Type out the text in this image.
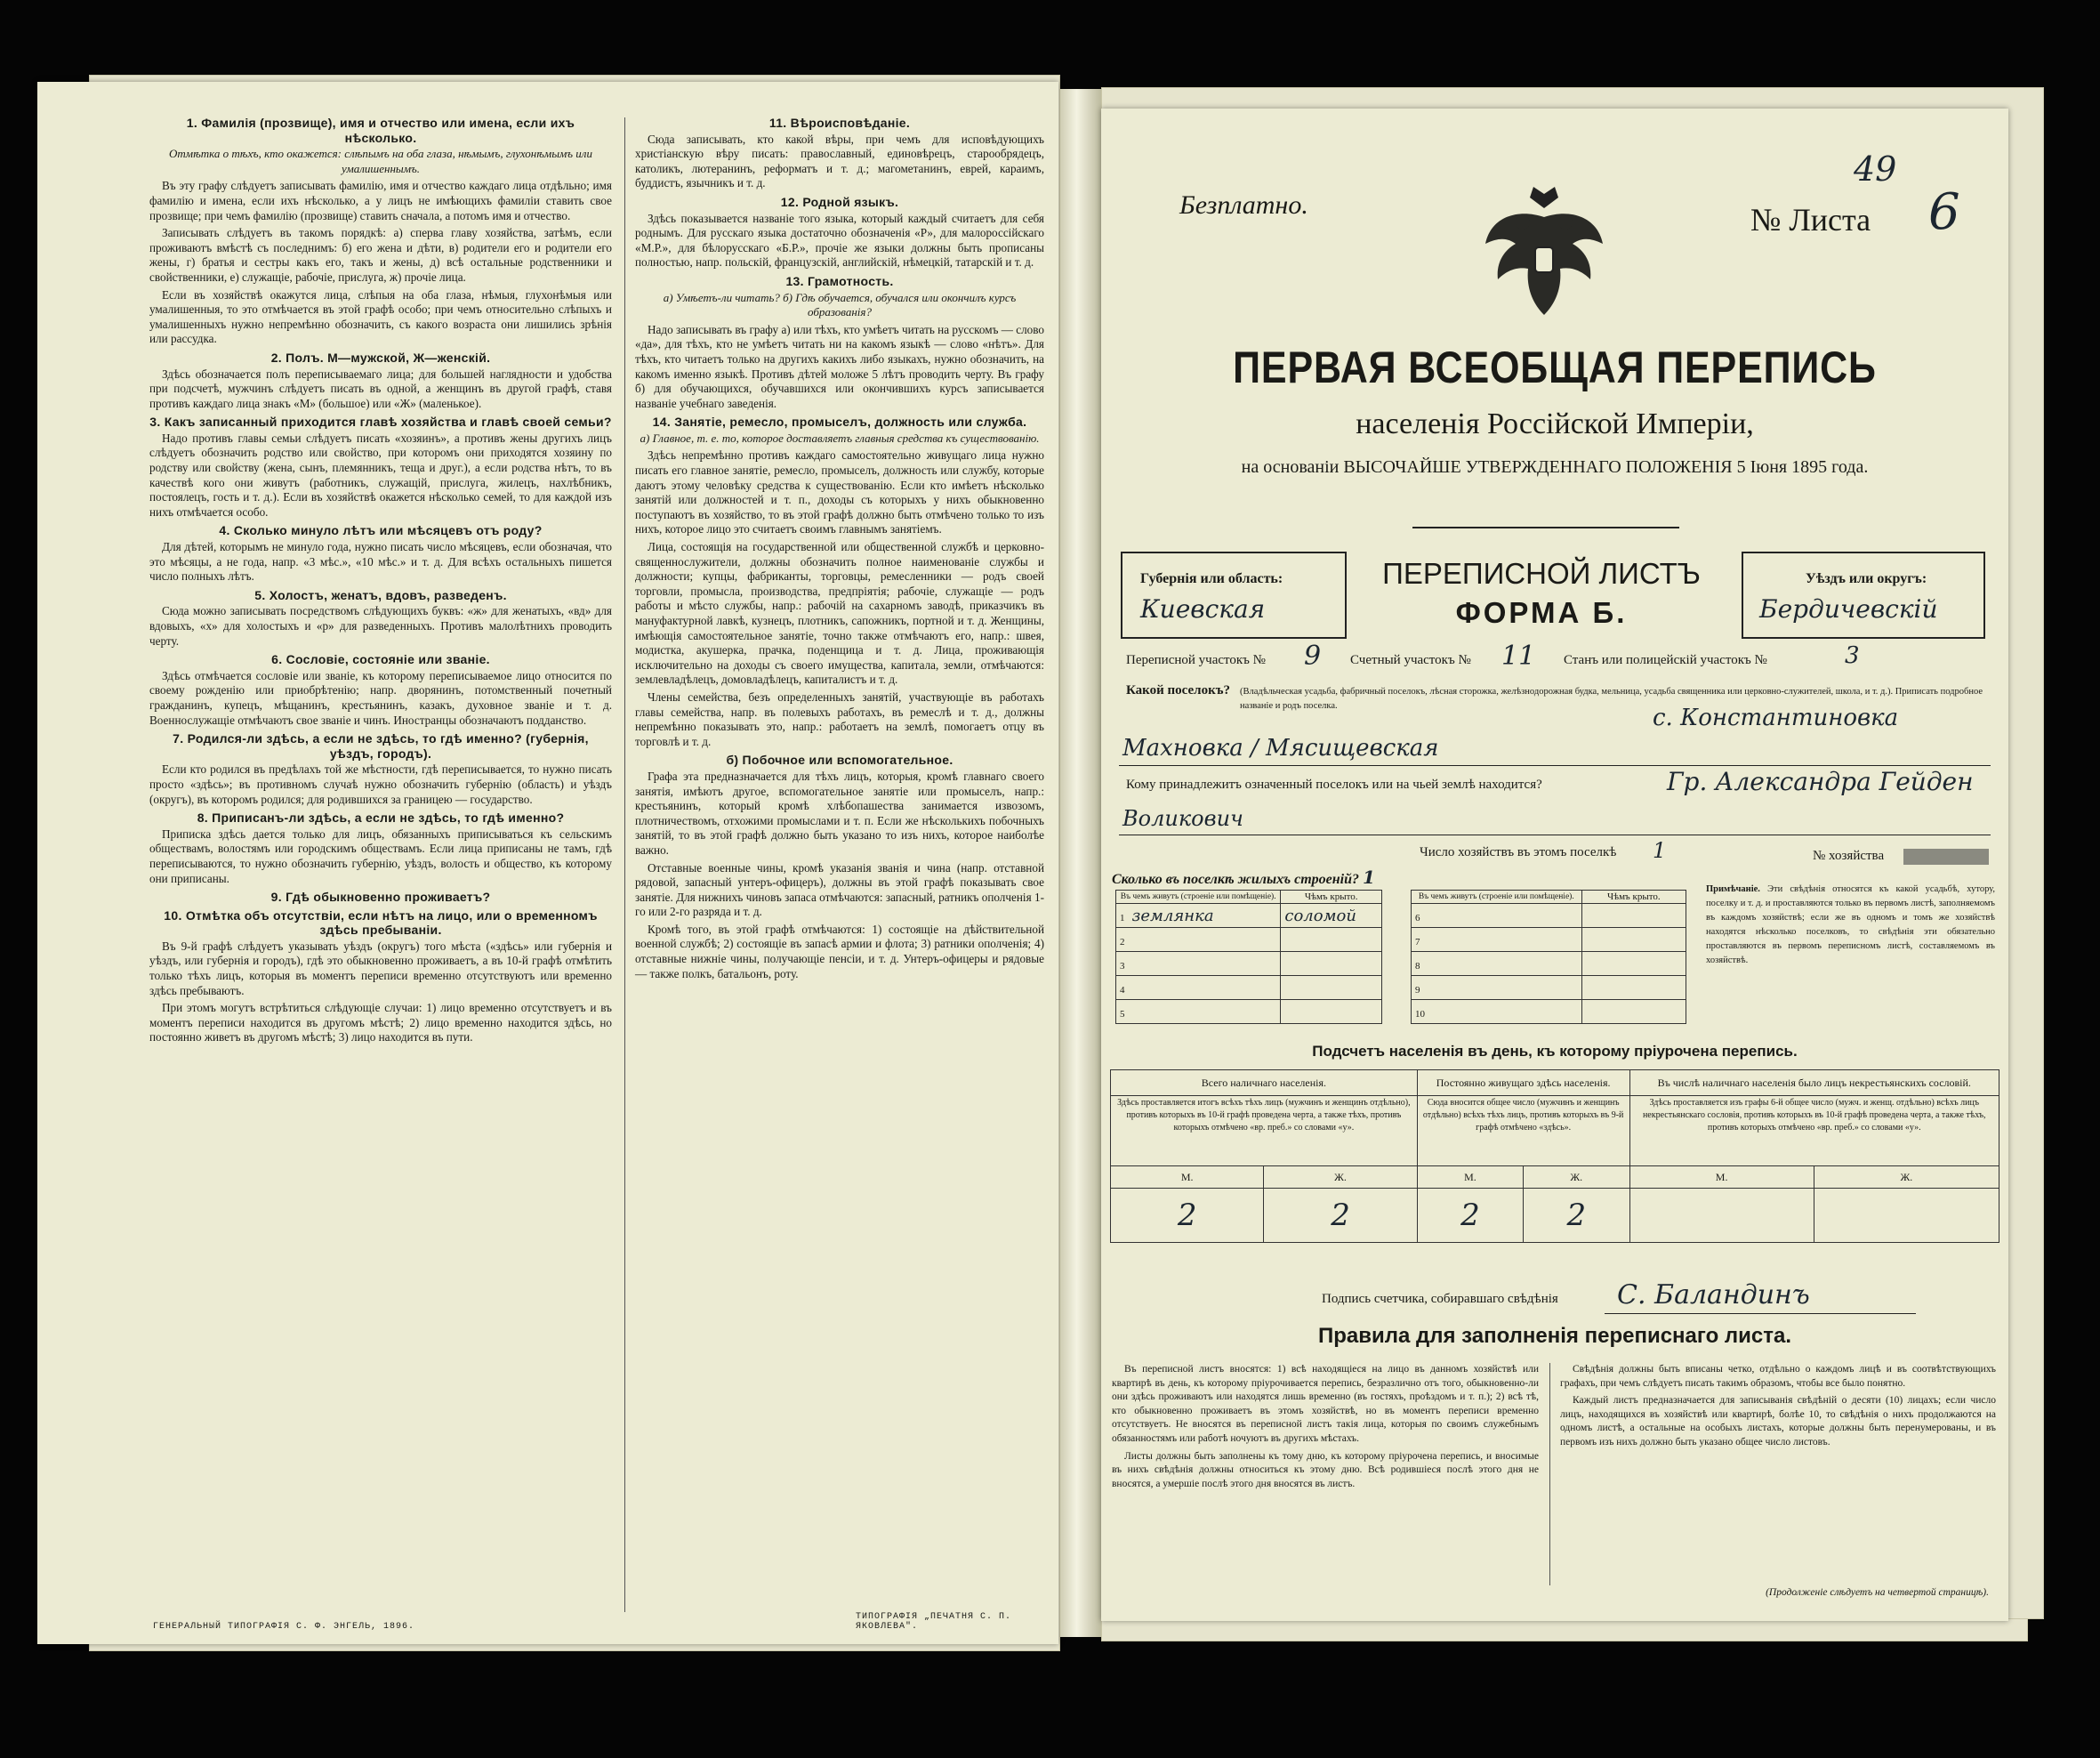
1. Фамилія (прозвище), имя и отчество или имена, если ихъ нѣсколько.
Отмѣтка о тѣхъ, кто окажется: слѣпымъ на оба глаза, нѣмымъ, глухонѣмымъ или умалишеннымъ.

Въ эту графу слѣдуетъ записывать фамилію, имя и отчество каждаго лица отдѣльно; имя фамилію и имена, если ихъ нѣсколько, а у лицъ не имѣющихъ фамиліи ставить свое прозвище; при чемъ фамилію (прозвище) ставить сначала, а потомъ имя и отчество.

Записывать слѣдуетъ въ такомъ порядкѣ: а) сперва главу хозяйства, затѣмъ, если проживаютъ вмѣстѣ съ последнимъ: б) его жена и дѣти, в) родители его и родители его жены, г) братья и сестры какъ его, такъ и жены, д) всѣ остальные родственники и свойственники, е) служащіе, рабочіе, прислуга, ж) прочіе лица.

Если въ хозяйствѣ окажутся лица, слѣпыя на оба глаза, нѣмыя, глухонѣмыя или умалишенныя, то это отмѣчается въ этой графѣ особо; при чемъ относительно слѣпыхъ и умалишенныхъ нужно непремѣнно обозначить, съ какого возраста они лишились зрѣнія или рассудка.

2. Полъ. М—мужской, Ж—женскій.

Здѣсь обозначается полъ переписываемаго лица; для большей наглядности и удобства при подсчетѣ, мужчинъ слѣдуетъ писать въ одной, а женщинъ въ другой графѣ, ставя противъ каждаго лица знакъ «М» (большое) или «Ж» (маленькое).

3. Какъ записанный приходится главѣ хозяйства и главѣ своей семьи?

Надо противъ главы семьи слѣдуетъ писать «хозяинъ», а противъ жены другихъ лицъ слѣдуетъ обозначить родство или свойство, при которомъ они приходятся хозяину по родству или свойству (жена, сынъ, племянникъ, теща и друг.), а если родства нѣтъ, то въ качествѣ кого они живутъ (работникъ, служащій, прислуга, жилецъ, нахлѣбникъ, постоялецъ, гость и т. д.). Если въ хозяйствѣ окажется нѣсколько семей, то для каждой изъ нихъ отмѣчается особо.

4. Сколько минуло лѣтъ или мѣсяцевъ отъ роду?

Для дѣтей, которымъ не минуло года, нужно писать число мѣсяцевъ, если обозначая, что это мѣсяцы, а не года, напр. «3 мѣс.», «10 мѣс.» и т. д. Для всѣхъ остальныхъ пишется число полныхъ лѣтъ.

5. Холостъ, женатъ, вдовъ, разведенъ.

Сюда можно записывать посредствомъ слѣдующихъ буквъ: «ж» для женатыхъ, «вд» для вдовыхъ, «х» для холостыхъ и «р» для разведенныхъ. Противъ малолѣтнихъ проводить черту.

6. Сословіе, состояніе или званіе.

Здѣсь отмѣчается сословіе или званіе, къ которому переписываемое лицо относится по своему рожденію или приобрѣтенію; напр. дворянинъ, потомственный почетный гражданинъ, купецъ, мѣщанинъ, крестьянинъ, казакъ, духовное званіе и т. д. Военнослужащіе отмѣчаютъ свое званіе и чинъ. Иностранцы обозначаютъ подданство.

7. Родился-ли здѣсь, а если не здѣсь, то гдѣ именно? (губернія, уѣздъ, городъ).

Если кто родился въ предѣлахъ той же мѣстности, гдѣ переписывается, то нужно писать просто «здѣсь»; въ противномъ случаѣ нужно обозначить губернію (область) и уѣздъ (округъ), въ которомъ родился; для родившихся за границею — государство.

8. Приписанъ-ли здѣсь, а если не здѣсь, то гдѣ именно?

Приписка здѣсь дается только для лицъ, обязанныхъ приписываться къ сельскимъ обществамъ, волостямъ или городскимъ обществамъ. Если лица приписаны не тамъ, гдѣ переписываются, то нужно обозначить губернію, уѣздъ, волость и общество, къ которому они приписаны.

9. Гдѣ обыкновенно проживаетъ?
10. Отмѣтка объ отсутствіи, если нѣтъ на лицо, или о временномъ здѣсь пребываніи.

Въ 9-й графѣ слѣдуетъ указывать уѣздъ (округъ) того мѣста («здѣсь» или губернія и уѣздъ, или губернія и городъ), гдѣ это обыкновенно проживаетъ, а въ 10-й графѣ отмѣтить только тѣхъ лицъ, которыя въ моментъ переписи временно отсутствуютъ или временно здѣсь пребываютъ.

При этомъ могутъ встрѣтиться слѣдующіе случаи: 1) лицо временно отсутствуетъ и въ моментъ переписи находится въ другомъ мѣстѣ; 2) лицо временно находится здѣсь, но постоянно живетъ въ другомъ мѣстѣ; 3) лицо находится въ пути.

11. Вѣроисповѣданіе.

Сюда записывать, кто какой вѣры, при чемъ для исповѣдующихъ христіанскую вѣру писать: православный, единовѣрецъ, старообрядецъ, католикъ, лютеранинъ, реформатъ и т. д.; магометанинъ, еврей, караимъ, буддистъ, язычникъ и т. д.

12. Родной языкъ.

Здѣсь показывается названіе того языка, который каждый считаетъ для себя роднымъ. Для русскаго языка достаточно обозначенія «Р», для малороссійскаго «М.Р.», для бѣлорусскаго «Б.Р.», прочіе же языки должны быть прописаны полностью, напр. польскій, французскій, английскій, нѣмецкій, татарскій и т. д.

13. Грамотность.
а) Умѣетъ-ли читать? б) Гдѣ обучается, обучался или окончилъ курсъ образованія?

Надо записывать въ графу а) или тѣхъ, кто умѣетъ читать на русскомъ — слово «да», для тѣхъ, кто не умѣетъ читать ни на какомъ языкѣ — слово «нѣтъ». Для тѣхъ, кто читаетъ только на другихъ какихъ либо языкахъ, нужно обозначить, на какомъ именно языкѣ. Противъ дѣтей моложе 5 лѣтъ проводить черту. Въ графу б) для обучающихся, обучавшихся или окончившихъ курсъ записывается названіе учебнаго заведенія.

14. Занятіе, ремесло, промыселъ, должность или служба.
а) Главное, т. е. то, которое доставляетъ главныя средства къ существованію.

Здѣсь непремѣнно противъ каждаго самостоятельно живущаго лица нужно писать его главное занятіе, ремесло, промыселъ, должность или службу, которые даютъ этому человѣку средства к существованію. Если кто имѣетъ нѣсколько занятій или должностей и т. п., доходы съ которыхъ у нихъ обыкновенно поступаютъ въ хозяйство, то въ этой графѣ должно быть отмѣчено только то изъ нихъ, которое лицо это считаетъ своимъ главнымъ занятіемъ.

Лица, состоящія на государственной или общественной службѣ и церковно-священнослужители, должны обозначить полное наименованіе службы и должности; купцы, фабриканты, торговцы, ремесленники — родъ своей торговли, промысла, производства, предпріятія; рабочіе, служащіе — родъ работы и мѣсто службы, напр.: рабочій на сахарномъ заводѣ, приказчикъ въ мануфактурной лавкѣ, кузнецъ, плотникъ, сапожникъ, портной и т. д. Женщины, имѣющія самостоятельное занятіе, точно также отмѣчаютъ его, напр.: швея, модистка, акушерка, прачка, поденщица и т. д. Лица, проживающія исключительно на доходы съ своего имущества, капитала, земли, отмѣчаются: землевладѣлецъ, домовладѣлецъ, капиталистъ и т. д.

Члены семейства, безъ определенныхъ занятій, участвующіе въ работахъ главы семейства, напр. въ полевыхъ работахъ, въ ремеслѣ и т. д., должны непремѣнно показывать это, напр.: работаетъ на землѣ, помогаетъ отцу въ торговлѣ и т. д.

б) Побочное или вспомогательное.

Графа эта предназначается для тѣхъ лицъ, которыя, кромѣ главнаго своего занятія, имѣютъ другое, вспомогательное занятіе или промыселъ, напр.: крестьянинъ, который кромѣ хлѣбопашества занимается извозомъ, плотничествомъ, отхожими промыслами и т. п. Если же нѣсколькихъ побочныхъ занятій, то въ этой графѣ должно быть указано то изъ нихъ, которое наиболѣе важно.

Отставные военные чины, кромѣ указанія званія и чина (напр. отставной рядовой, запасный унтеръ-офицеръ), должны въ этой графѣ показывать свое занятіе. Для нижнихъ чиновъ запаса отмѣчаются: запасный, ратникъ ополченія 1-го или 2-го разряда и т. д.

Кромѣ того, въ этой графѣ отмѣчаются: 1) состоящіе на дѣйствительной военной службѣ; 2) состоящіе въ запасѣ армии и флота; 3) ратники ополченія; 4) отставные нижніе чины, получающіе пенсіи, и т. д. Унтеръ-офицеры и рядовые — также полкъ, батальонъ, роту.

ГЕНЕРАЛЬНЫЙ ТИПОГРАФІЯ С. Ф. ЭНГЕЛЬ, 1896.
ТИПОГРАФІЯ „ПЕЧАТНЯ С. П. ЯКОВЛЕВА".
Безплатно.
49
№ Листа 6
ПЕРВАЯ ВСЕОБЩАЯ ПЕРЕПИСЬ
населенія Россійской Имперіи,
на основаніи ВЫСОЧАЙШЕ УТВЕРЖДЕННАГО ПОЛОЖЕНІЯ 5 Іюня 1895 года.
Губернія или область:
Киевская
ПЕРЕПИСНОЙ ЛИСТЪ
ФОРМА Б.
Уѣздъ или округъ:
Бердичевскій
Переписной участокъ № 9 Счетный участокъ № 11 Станъ или полицейскій участокъ №	3
Какой поселокъ? (Владѣльческая усадьба, фабричный поселокъ, лѣсная сторожка, желѣзнодорожная будка, мельница, усадьба священника или церковно-служителей, школа, и т. д.). Приписать подробное названіе и родъ поселка.	с. Константиновка
Махновка / Мясищевская
Кому принадлежитъ означенный поселокъ или на чьей землѣ находится?	Гр. Александра Гейден
Воликович
Число хозяйствъ въ этомъ поселкѣ 1	№ хозяйства
Сколько въ поселкѣ жилыхъ строеній? 1
Въ чемъ живутъ (строеніе или помѣщеніе).	Чѣмъ крыто.
1 землянка	соломой
2	
3	
4	
5	
Въ чемъ живутъ (строеніе или помѣщеніе).	Чѣмъ крыто.
6	
7	
8	
9	
10	
Примѣчаніе. Эти свѣдѣнія относятся къ какой усадьбѣ, хутору, поселку и т. д. и проставляются только въ первомъ листѣ, заполняемомъ въ каждомъ хозяйствѣ; если же въ одномъ и томъ же хозяйствѣ находятся нѣсколько поселковъ, то свѣдѣнія эти обязательно проставляются въ первомъ переписномъ листѣ, составляемомъ въ хозяйствѣ.
Подсчетъ населенія въ день, къ которому пріурочена перепись.
Всего наличнаго населенія.		Постоянно живущаго здѣсь населенія.		Въ числѣ наличнаго населенія было лицъ некрестьянскихъ сословій.	
Здѣсь проставляется итогъ всѣхъ тѣхъ лицъ (мужчинъ и женщинъ отдѣльно), противъ которыхъ въ 10-й графѣ проведена черта, а также тѣхъ, противъ которыхъ отмѣчено «вр. преб.» со словами «у».		Сюда вносится общее число (мужчинъ и женщинъ отдѣльно) всѣхъ тѣхъ лицъ, противъ которыхъ въ 9-й графѣ отмѣчено «здѣсь».		Здѣсь проставляется изъ графы 6-й общее число (мужч. и женщ. отдѣльно) всѣхъ лицъ некрестьянскаго сословія, противъ которыхъ въ 10-й графѣ проведена черта, а также тѣхъ, противъ которыхъ отмѣчено «вр. преб.» со словами «у».	
М.	Ж.	М.	Ж.	М.	Ж.
2	2	2	2		
Подпись счетчика, собиравшаго свѣдѣнія С. Баландинъ
Правила для заполненія переписнаго листа.

Въ переписной листъ вносятся: 1) всѣ находящіеся на лицо въ данномъ хозяйствѣ или квартирѣ въ день, къ которому пріурочивается перепись, безразлично отъ того, обыкновенно-ли они здѣсь проживаютъ или находятся лишь временно (въ гостяхъ, проѣздомъ и т. п.); 2) всѣ тѣ, кто обыкновенно проживаетъ въ этомъ хозяйствѣ, но въ моментъ переписи временно отсутствуетъ. Не вносятся въ переписной листъ такія лица, которыя по своимъ служебнымъ обязанностямъ или работѣ ночуютъ въ другихъ мѣстахъ.

Листы должны быть заполнены къ тому дню, къ которому пріурочена перепись, и вносимые въ нихъ свѣдѣнія должны относиться къ этому дню. Всѣ родившіеся послѣ этого дня не вносятся, а умершіе послѣ этого дня вносятся въ листъ.

Свѣдѣнія должны быть вписаны четко, отдѣльно о каждомъ лицѣ и въ соотвѣтствующихъ графахъ, при чемъ слѣдуетъ писать такимъ образомъ, чтобы все было понятно.

Каждый листъ предназначается для записыванія свѣдѣній о десяти (10) лицахъ; если число лицъ, находящихся въ хозяйствѣ или квартирѣ, болѣе 10, то свѣдѣнія о нихъ продолжаются на одномъ листѣ, а остальные на особыхъ листахъ, которые должны быть перенумерованы, и въ первомъ изъ нихъ должно быть указано общее число листовъ.

(Продолженіе слѣдуетъ на четвертой страницѣ).
